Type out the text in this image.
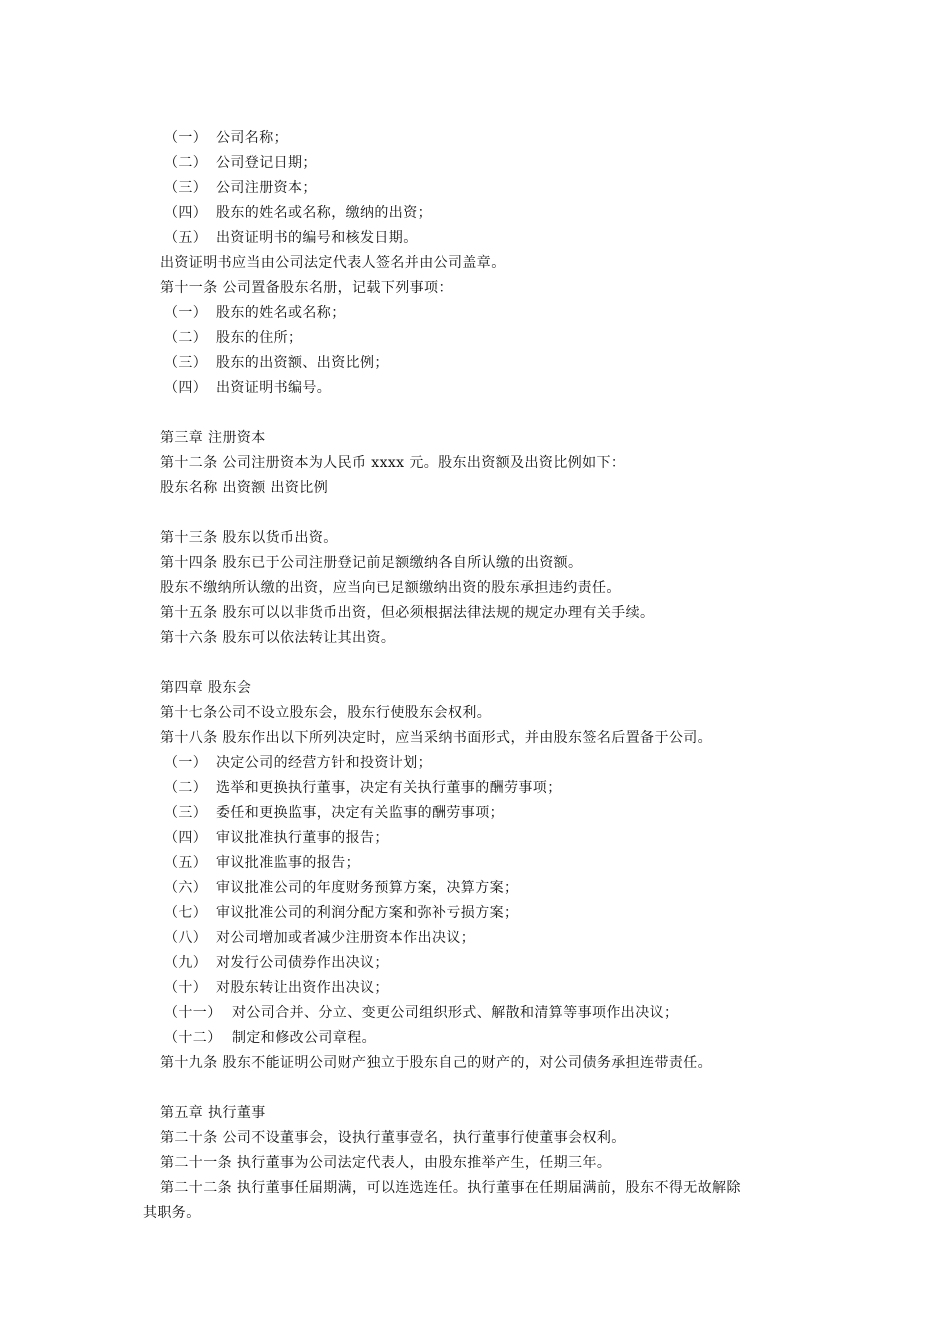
（一） 公司名称；
（二） 公司登记日期；
（三） 公司注册资本；
（四） 股东的姓名或名称，缴纳的出资；
（五） 出资证明书的编号和核发日期。
出资证明书应当由公司法定代表人签名并由公司盖章。
第十一条 公司置备股东名册，记载下列事项：
（一） 股东的姓名或名称；
（二） 股东的住所；
（三） 股东的出资额、出资比例；
（四） 出资证明书编号。
第三章 注册资本
第十二条 公司注册资本为人民币 xxxx 元。股东出资额及出资比例如下：
股东名称 出资额 出资比例
第十三条 股东以货币出资。
第十四条 股东已于公司注册登记前足额缴纳各自所认缴的出资额。
股东不缴纳所认缴的出资，应当向已足额缴纳出资的股东承担违约责任。
第十五条 股东可以以非货币出资，但必须根据法律法规的规定办理有关手续。
第十六条 股东可以依法转让其出资。
第四章 股东会
第十七条公司不设立股东会，股东行使股东会权利。
第十八条 股东作出以下所列决定时，应当采纳书面形式，并由股东签名后置备于公司。
（一） 决定公司的经营方针和投资计划；
（二） 选举和更换执行董事，决定有关执行董事的酬劳事项；
（三） 委任和更换监事，决定有关监事的酬劳事项；
（四） 审议批准执行董事的报告；
（五） 审议批准监事的报告；
（六） 审议批准公司的年度财务预算方案，决算方案；
（七） 审议批准公司的利润分配方案和弥补亏损方案；
（八） 对公司增加或者减少注册资本作出决议；
（九） 对发行公司债券作出决议；
（十） 对股东转让出资作出决议；
（十一） 对公司合并、分立、变更公司组织形式、解散和清算等事项作出决议；
（十二） 制定和修改公司章程。
第十九条 股东不能证明公司财产独立于股东自己的财产的，对公司债务承担连带责任。
第五章 执行董事
第二十条 公司不设董事会，设执行董事壹名，执行董事行使董事会权利。
第二十一条 执行董事为公司法定代表人，由股东推举产生，任期三年。
第二十二条 执行董事任届期满，可以连选连任。执行董事在任期届满前，股东不得无故解除
其职务。
